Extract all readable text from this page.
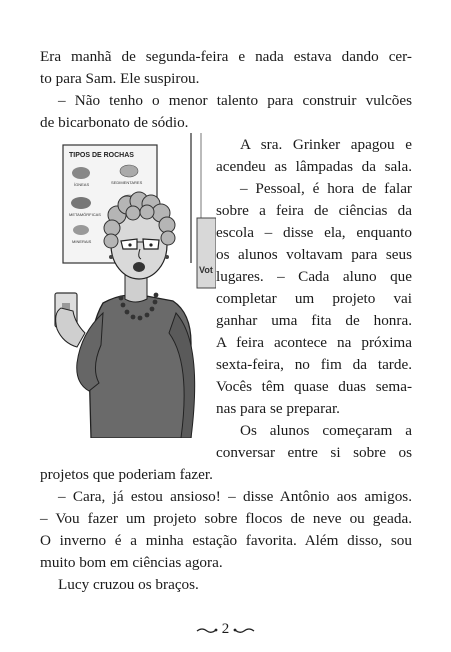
Era manhã de segunda-feira e nada estava dando cer-

to para Sam. Ele suspirou.

– Não tenho o menor talento para construir vulcões

de bicarbonato de sódio.

A sra. Grinker apagou e

acendeu as lâmpadas da sala.

– Pessoal, é hora de falar

sobre a feira de ciências da

escola – disse ela, enquanto

os alunos voltavam para seus

lugares. – Cada aluno que

completar um projeto vai

ganhar uma fita de honra.

A feira acontece na próxima

sexta-feira, no fim da tarde.

Vocês têm quase duas sema-

nas para se preparar.

Os alunos começaram a

conversar entre si sobre os

projetos que poderiam fazer.

– Cara, já estou ansioso! – disse Antônio aos amigos.

– Vou fazer um projeto sobre flocos de neve ou geada.

O inverno é a minha estação favorita. Além disso, sou

muito bom em ciências agora.

Lucy cruzou os braços.

Vot
TIPOS DE ROCHAS
ÍGNEAS	SEDIMENTARES
METAMÓRFICAS
MINERAIS
2
